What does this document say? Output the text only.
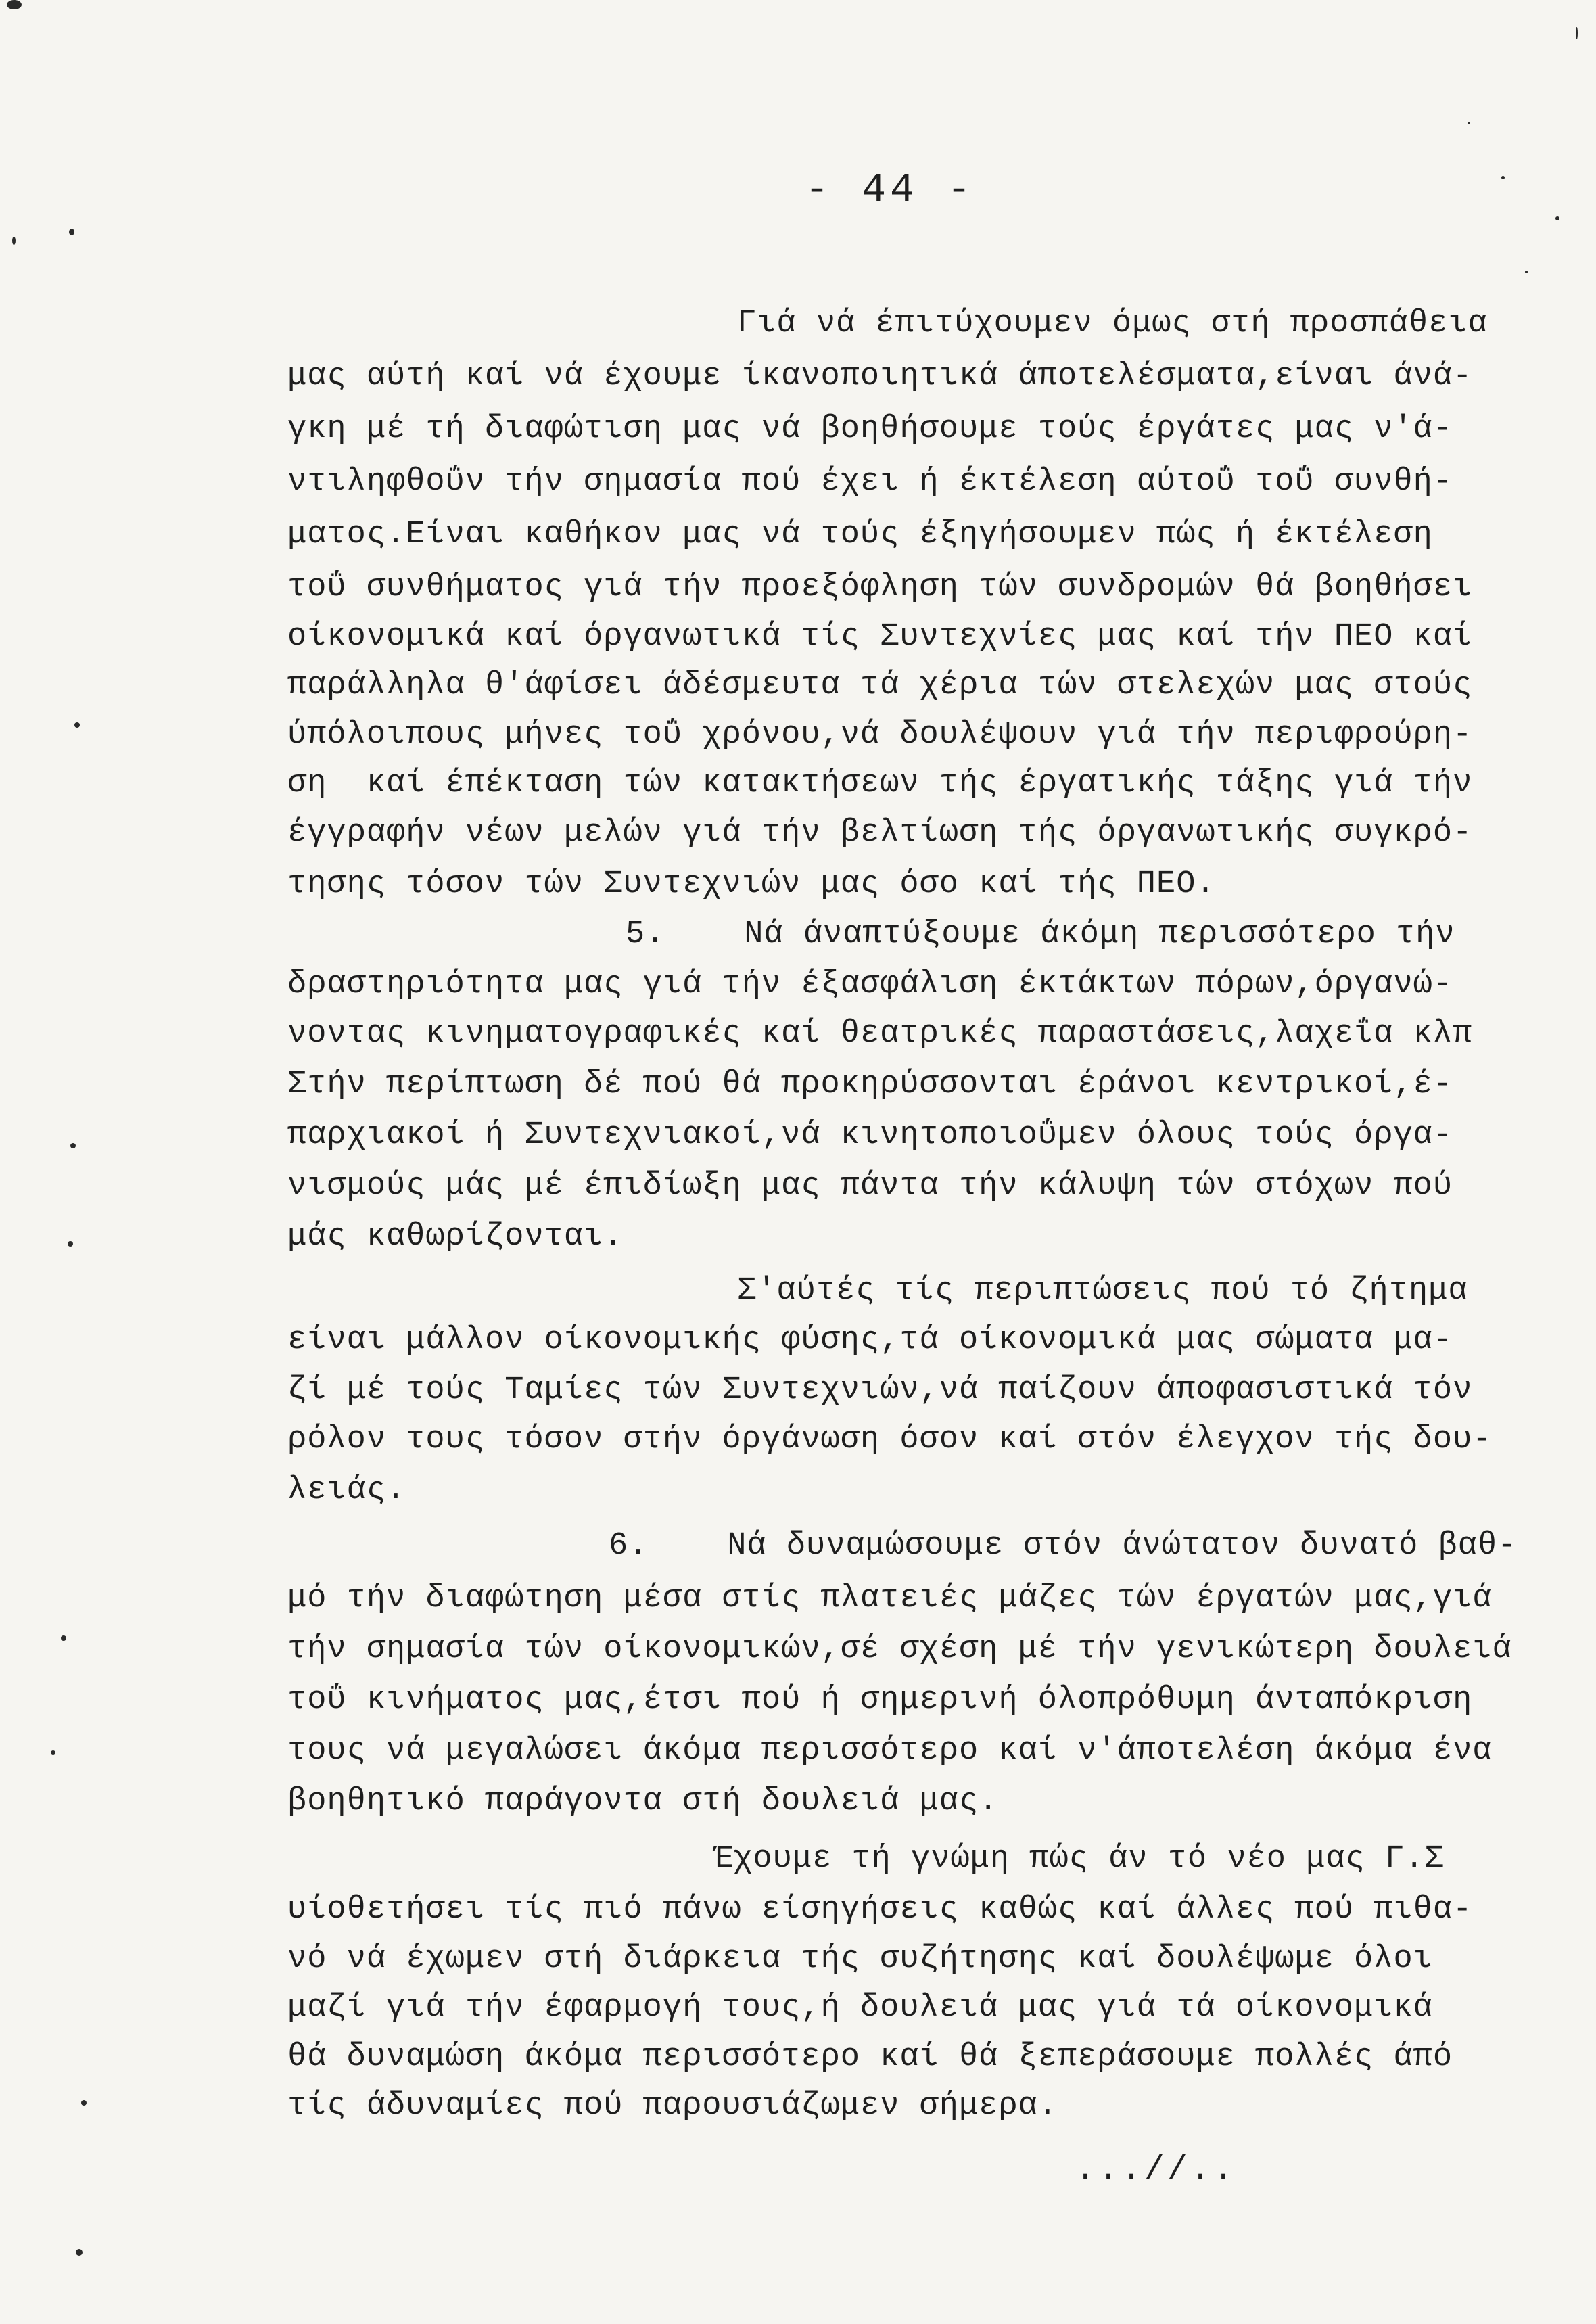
- 44 -
Γιά νά έπιτύχουμεν όμως στή προσπάθεια
μας αύτή καί νά έχουμε ίκανοποιητικά άποτελέσματα,είναι άνά-
γκη μέ τή διαφώτιση μας νά βοηθήσουμε τούς έργάτες μας ν'ά-
ντιληφθοΰν τήν σημασία πού έχει ή έκτέλεση αύτοΰ τοΰ συνθή-
ματος.Είναι καθήκον μας νά τούς έξηγήσουμεν πώς ή έκτέλεση
τοΰ συνθήματος γιά τήν προεξόφληση τών συνδρομών θά βοηθήσει
οίκονομικά καί όργανωτικά τίς Συντεχνίες μας καί τήν ΠΕΟ καί
παράλληλα θ'άφίσει άδέσμευτα τά χέρια τών στελεχών μας στούς
ύπόλοιπους μήνες τοΰ χρόνου,νά δουλέψουν γιά τήν περιφρούρη-
ση  καί έπέκταση τών κατακτήσεων τής έργατικής τάξης γιά τήν
έγγραφήν νέων μελών γιά τήν βελτίωση τής όργανωτικής συγκρό-
τησης τόσον τών Συντεχνιών μας όσο καί τής ΠΕΟ.
5.    Νά άναπτύξουμε άκόμη περισσότερο τήν
δραστηριότητα μας γιά τήν έξασφάλιση έκτάκτων πόρων,όργανώ-
νοντας κινηματογραφικές καί θεατρικές παραστάσεις,λαχεΐα κλπ
Στήν περίπτωση δέ πού θά προκηρύσσονται έράνοι κεντρικοί,έ-
παρχιακοί ή Συντεχνιακοί,νά κινητοποιοΰμεν όλους τούς όργα-
νισμούς μάς μέ έπιδίωξη μας πάντα τήν κάλυψη τών στόχων πού
μάς καθωρίζονται.
Σ'αύτές τίς περιπτώσεις πού τό ζήτημα
είναι μάλλον οίκονομικής φύσης,τά οίκονομικά μας σώματα μα-
ζί μέ τούς Ταμίες τών Συντεχνιών,νά παίζουν άποφασιστικά τόν
ρόλον τους τόσον στήν όργάνωση όσον καί στόν έλεγχον τής δου-
λειάς.
6.    Νά δυναμώσουμε στόν άνώτατον δυνατό βαθ-
μό τήν διαφώτηση μέσα στίς πλατειές μάζες τών έργατών μας,γιά
τήν σημασία τών οίκονομικών,σέ σχέση μέ τήν γενικώτερη δουλειά
τοΰ κινήματος μας,έτσι πού ή σημερινή όλοπρόθυμη άνταπόκριση
τους νά μεγαλώσει άκόμα περισσότερο καί ν'άποτελέση άκόμα ένα
βοηθητικό παράγοντα στή δουλειά μας.
Έχουμε τή γνώμη πώς άν τό νέο μας Γ.Σ
υίοθετήσει τίς πιό πάνω είσηγήσεις καθώς καί άλλες πού πιθα-
νό νά έχωμεν στή διάρκεια τής συζήτησης καί δουλέψωμε όλοι
μαζί γιά τήν έφαρμογή τους,ή δουλειά μας γιά τά οίκονομικά
θά δυναμώση άκόμα περισσότερο καί θά ξεπεράσουμε πολλές άπό
τίς άδυναμίες πού παρουσιάζωμεν σήμερα.
...//..
